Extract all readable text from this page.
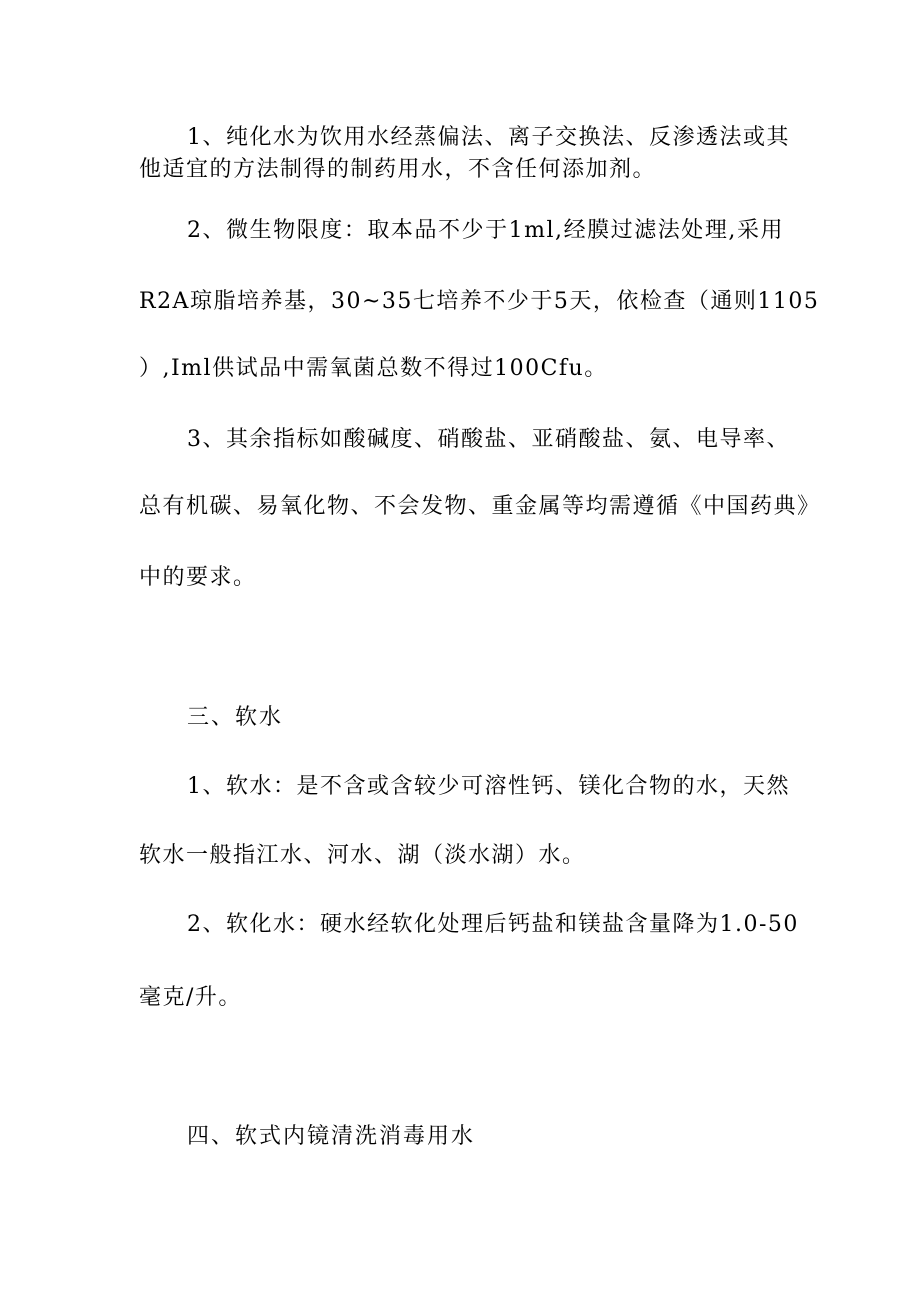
1、纯化水为饮用水经蒸偏法、离子交换法、反渗透法或其
他适宜的方法制得的制药用水，不含任何添加剂。
2、微生物限度：取本品不少于1ml,经膜过滤法处理,采用
R2A琼脂培养基，30~35七培养不少于5天，依检查（通则1105
）,Iml供试品中需氧菌总数不得过100Cfu。
3、其余指标如酸碱度、硝酸盐、亚硝酸盐、氨、电导率、
总有机碳、易氧化物、不会发物、重金属等均需遵循《中国药典》
中的要求。
三、软水
1、软水：是不含或含较少可溶性钙、镁化合物的水，天然
软水一般指江水、河水、湖（淡水湖）水。
2、软化水：硬水经软化处理后钙盐和镁盐含量降为1.0-50
毫克/升。
四、软式内镜清洗消毒用水
